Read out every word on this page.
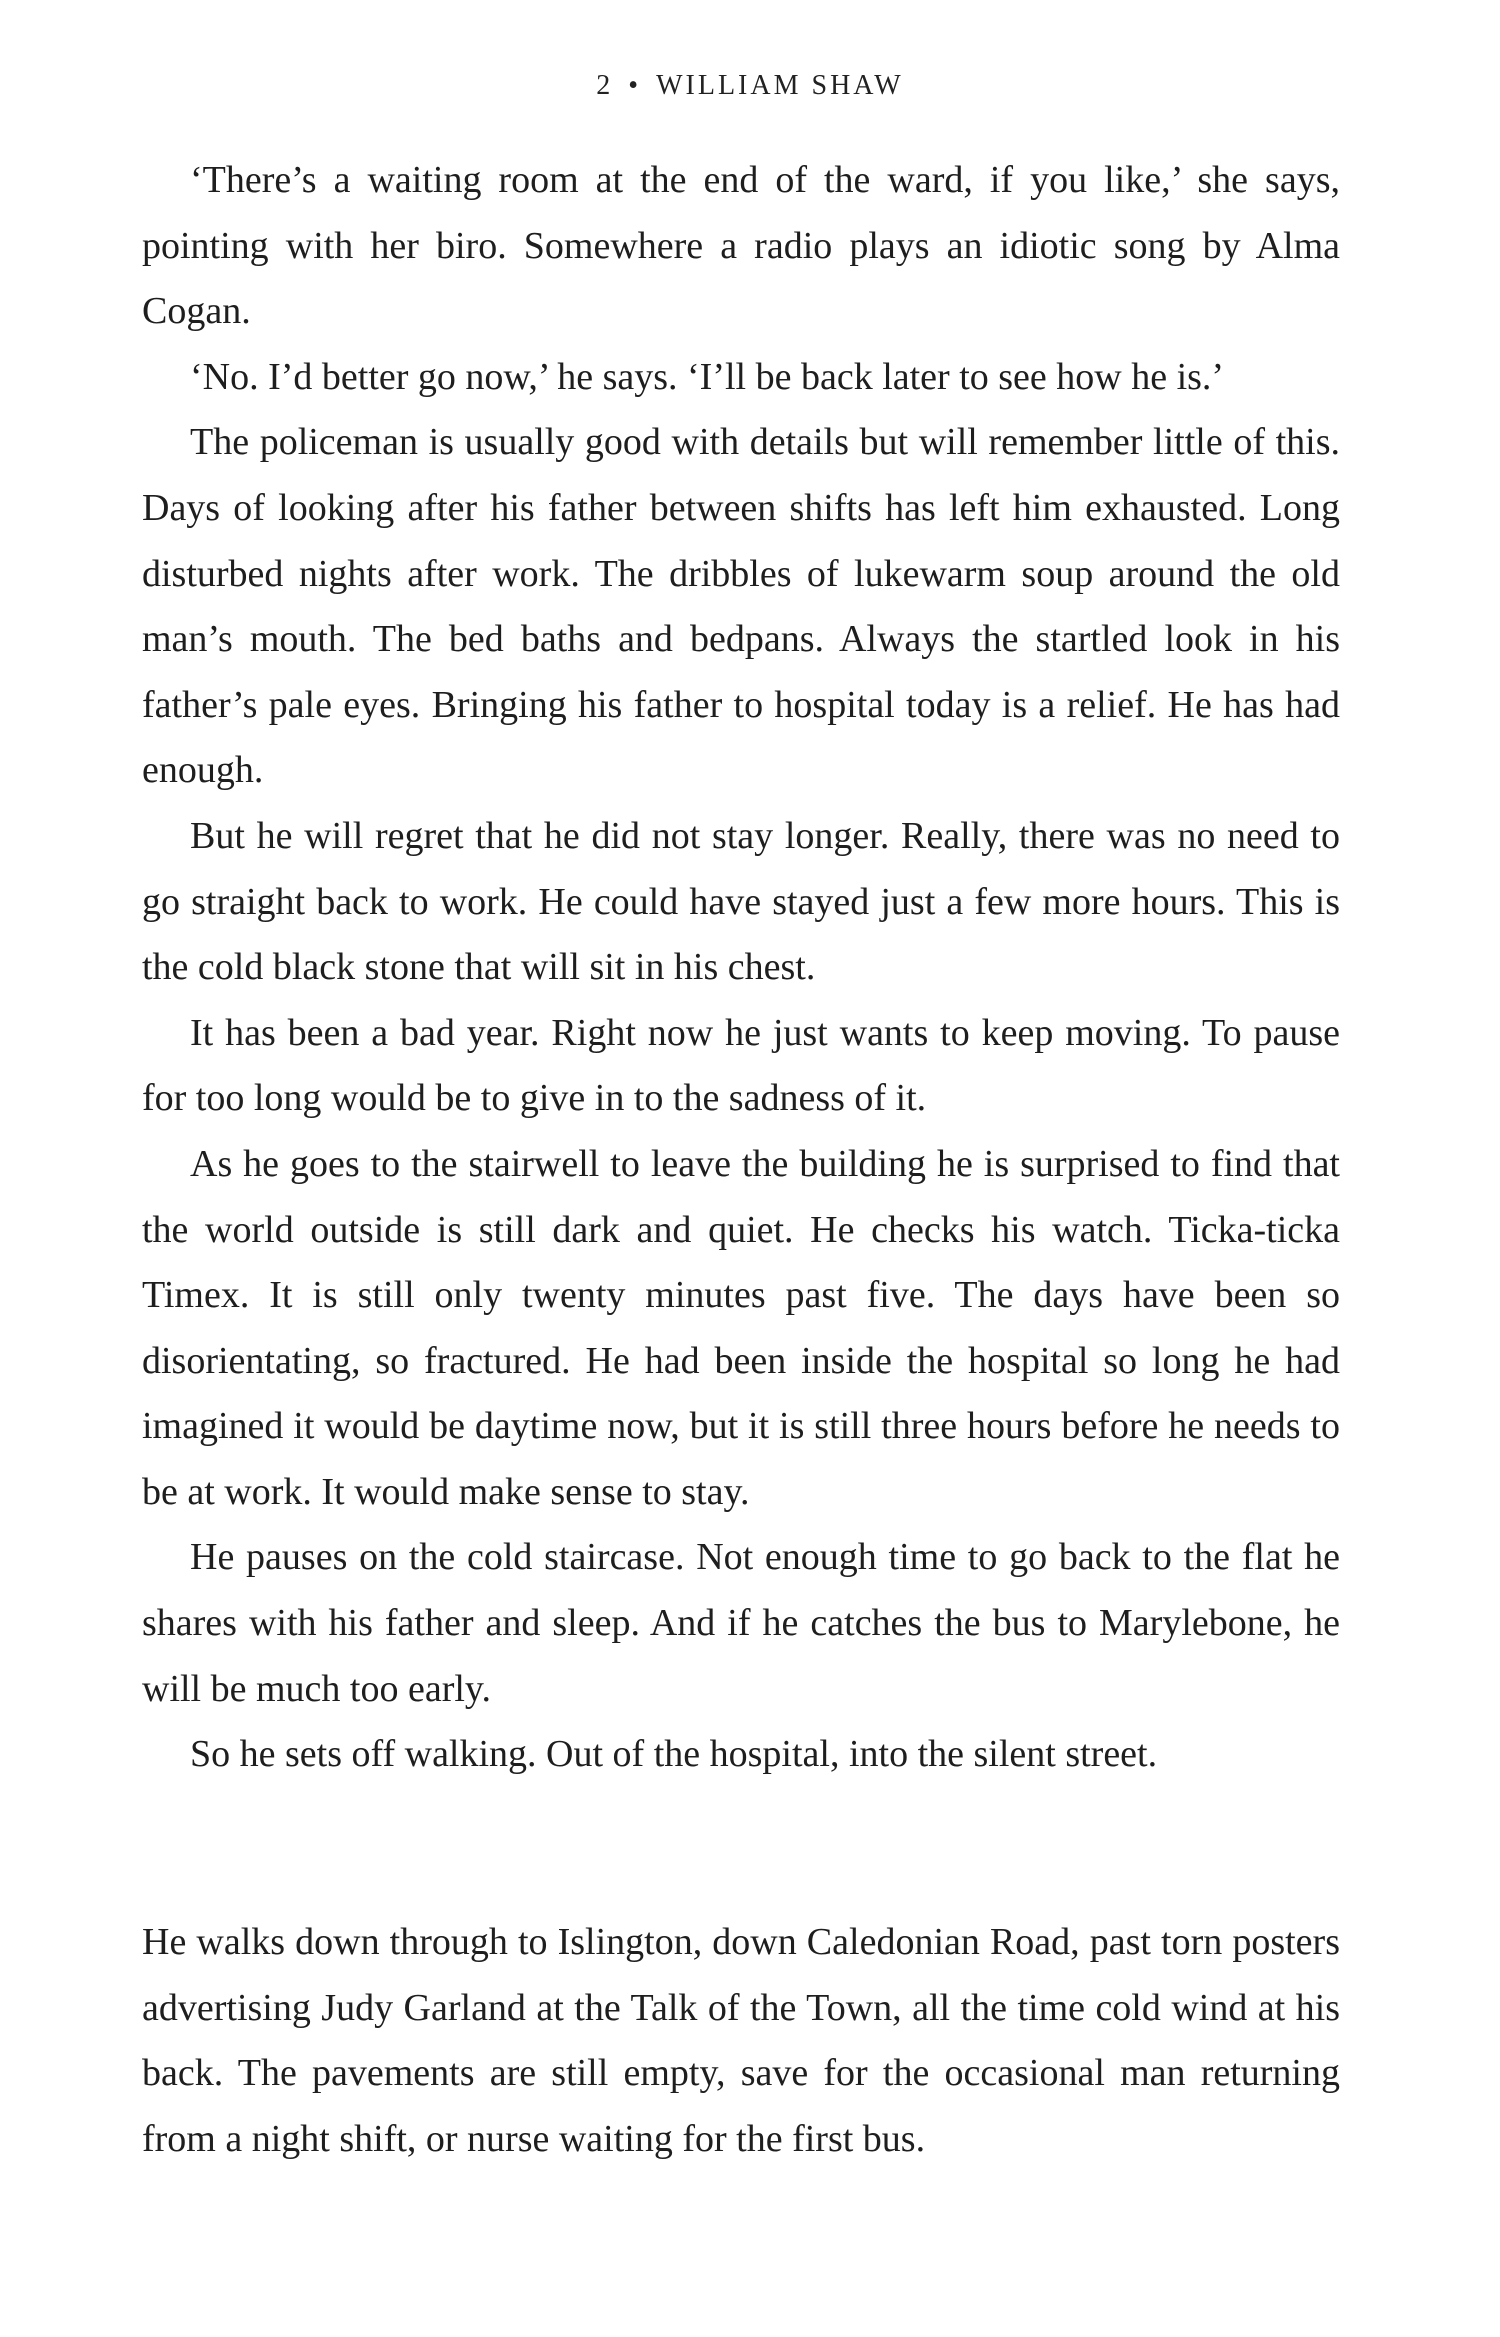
2 • WILLIAM SHAW

‘There’s a waiting room at the end of the ward, if you like,’ she says, pointing with her biro. Somewhere a radio plays an idiotic song by Alma Cogan.

‘No. I’d better go now,’ he says. ‘I’ll be back later to see how he is.’

The policeman is usually good with details but will remember little of this. Days of looking after his father between shifts has left him exhausted. Long disturbed nights after work. The dribbles of lukewarm soup around the old man’s mouth. The bed baths and bedpans. Always the startled look in his father’s pale eyes. Bringing his father to hospital today is a relief. He has had enough.

But he will regret that he did not stay longer. Really, there was no need to go straight back to work. He could have stayed just a few more hours. This is the cold black stone that will sit in his chest.

It has been a bad year. Right now he just wants to keep moving. To pause for too long would be to give in to the sadness of it.

As he goes to the stairwell to leave the building he is surprised to find that the world outside is still dark and quiet. He checks his watch. Ticka-ticka Timex. It is still only twenty minutes past five. The days have been so disorientating, so fractured. He had been inside the hospital so long he had imagined it would be daytime now, but it is still three hours before he needs to be at work. It would make sense to stay.

He pauses on the cold staircase. Not enough time to go back to the flat he shares with his father and sleep. And if he catches the bus to Marylebone, he will be much too early.

So he sets off walking. Out of the hospital, into the silent street.

He walks down through to Islington, down Caledonian Road, past torn posters advertising Judy Garland at the Talk of the Town, all the time cold wind at his back. The pavements are still empty, save for the occasional man returning from a night shift, or nurse waiting for the first bus.
